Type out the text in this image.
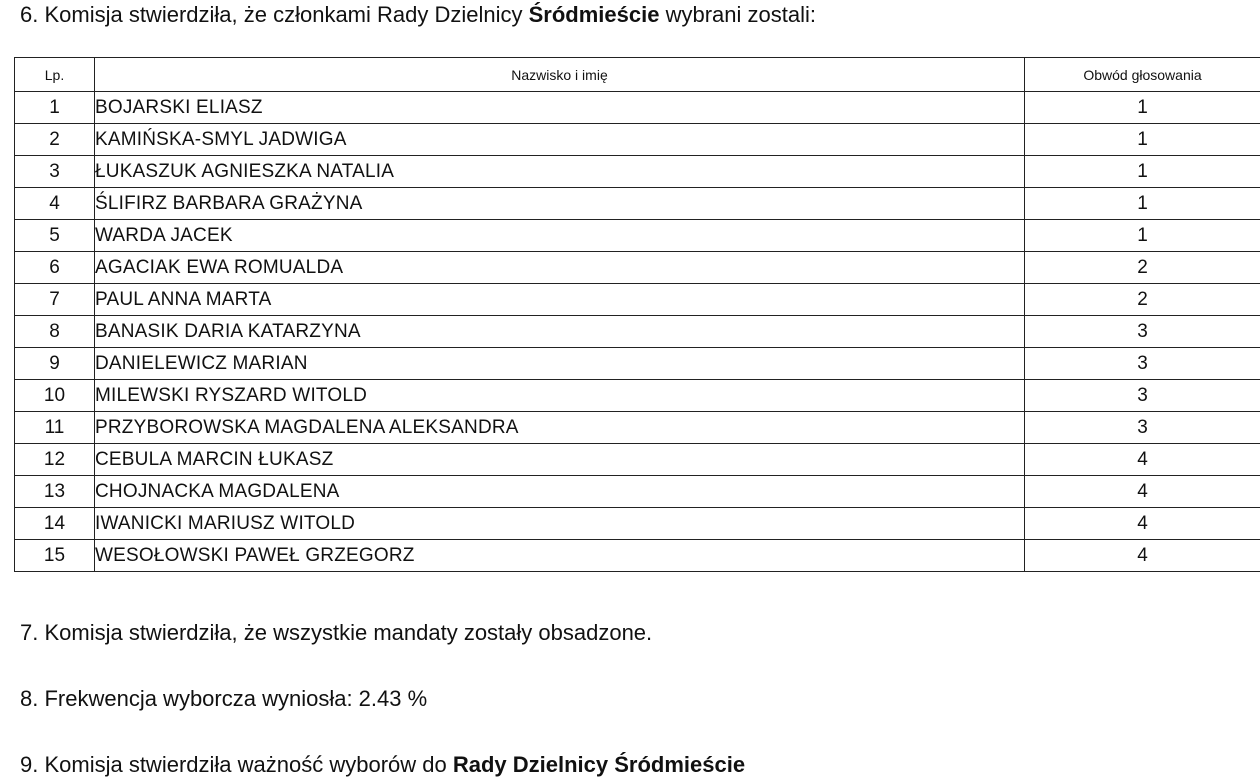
6. Komisja stwierdziła, że członkami Rady Dzielnicy Śródmieście wybrani zostali:
Lp.	Nazwisko i imię	Obwód głosowania
1	BOJARSKI ELIASZ	1
2	KAMIŃSKA-SMYL JADWIGA	1
3	ŁUKASZUK AGNIESZKA NATALIA	1
4	ŚLIFIRZ BARBARA GRAŻYNA	1
5	WARDA JACEK	1
6	AGACIAK EWA ROMUALDA	2
7	PAUL ANNA MARTA	2
8	BANASIK DARIA KATARZYNA	3
9	DANIELEWICZ MARIAN	3
10	MILEWSKI RYSZARD WITOLD	3
11	PRZYBOROWSKA MAGDALENA ALEKSANDRA	3
12	CEBULA MARCIN ŁUKASZ	4
13	CHOJNACKA MAGDALENA	4
14	IWANICKI MARIUSZ WITOLD	4
15	WESOŁOWSKI PAWEŁ GRZEGORZ	4
7. Komisja stwierdziła, że wszystkie mandaty zostały obsadzone.
8. Frekwencja wyborcza wyniosła: 2.43 %
9. Komisja stwierdziła ważność wyborów do Rady Dzielnicy Śródmieście
